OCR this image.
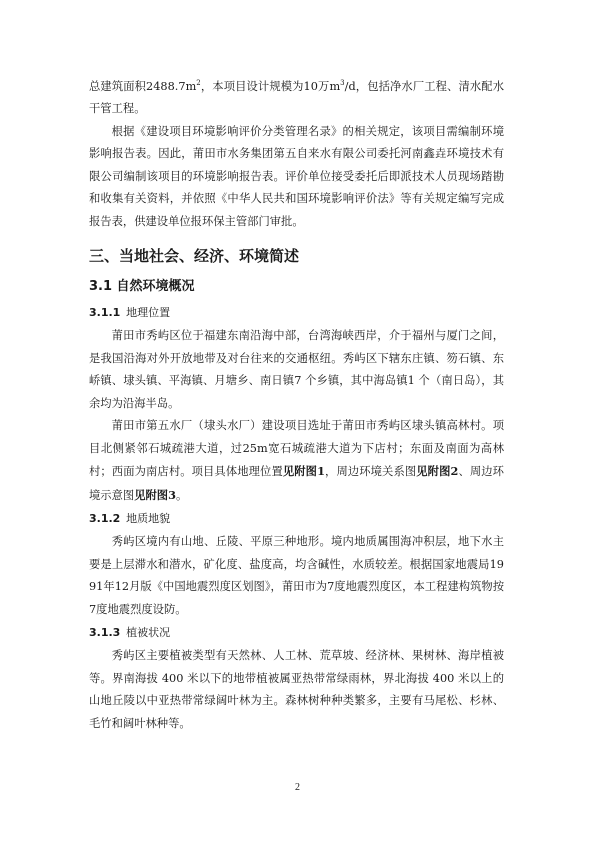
总建筑面积$2488.7m^2$，本项目设计规模为10万$m^3/d$，包括净水厂工程、清水配水干管工程。

根据《建设项目环境影响评价分类管理名录》的相关规定，该项目需编制环境影响报告表。因此，莆田市水务集团第五自来水有限公司委托河南鑫垚环境技术有限公司编制该项目的环境影响报告表。评价单位接受委托后即派技术人员现场踏勘和收集有关资料，并依照《中华人民共和国环境影响评价法》等有关规定编写完成报告表，供建设单位报环保主管部门审批。

三、当地社会、经济、环境简述
3.1 自然环境概况
3.1.1 地理位置

莆田市秀屿区位于福建东南沿海中部，台湾海峡西岸，介于福州与厦门之间，是我国沿海对外开放地带及对台往来的交通枢纽。秀屿区下辖东庄镇、笏石镇、东峤镇、埭头镇、平海镇、月塘乡、南日镇7 个乡镇，其中海岛镇1 个（南日岛），其余均为沿海半岛。

莆田市第五水厂（埭头水厂）建设项目选址于莆田市秀屿区埭头镇高林村。项目北侧紧邻石城疏港大道，过25m宽石城疏港大道为下店村；东面及南面为高林村；西面为南店村。项目具体地理位置见附图1，周边环境关系图见附图2、周边环境示意图见附图3。

3.1.2 地质地貌

秀屿区境内有山地、丘陵、平原三种地形。境内地质属围海冲积层，地下水主要是上层滞水和潜水，矿化度、盐度高，均含碱性，水质较差。根据国家地震局1991年12月版《中国地震烈度区划图》，莆田市为7度地震烈度区，本工程建构筑物按7度地震烈度设防。

3.1.3 植被状况

秀屿区主要植被类型有天然林、人工林、荒草坡、经济林、果树林、海岸植被等。界南海拔 400 米以下的地带植被属亚热带常绿雨林，界北海拔 400 米以上的山地丘陵以中亚热带常绿阔叶林为主。森林树种种类繁多，主要有马尾松、杉林、毛竹和阔叶林种等。

2
